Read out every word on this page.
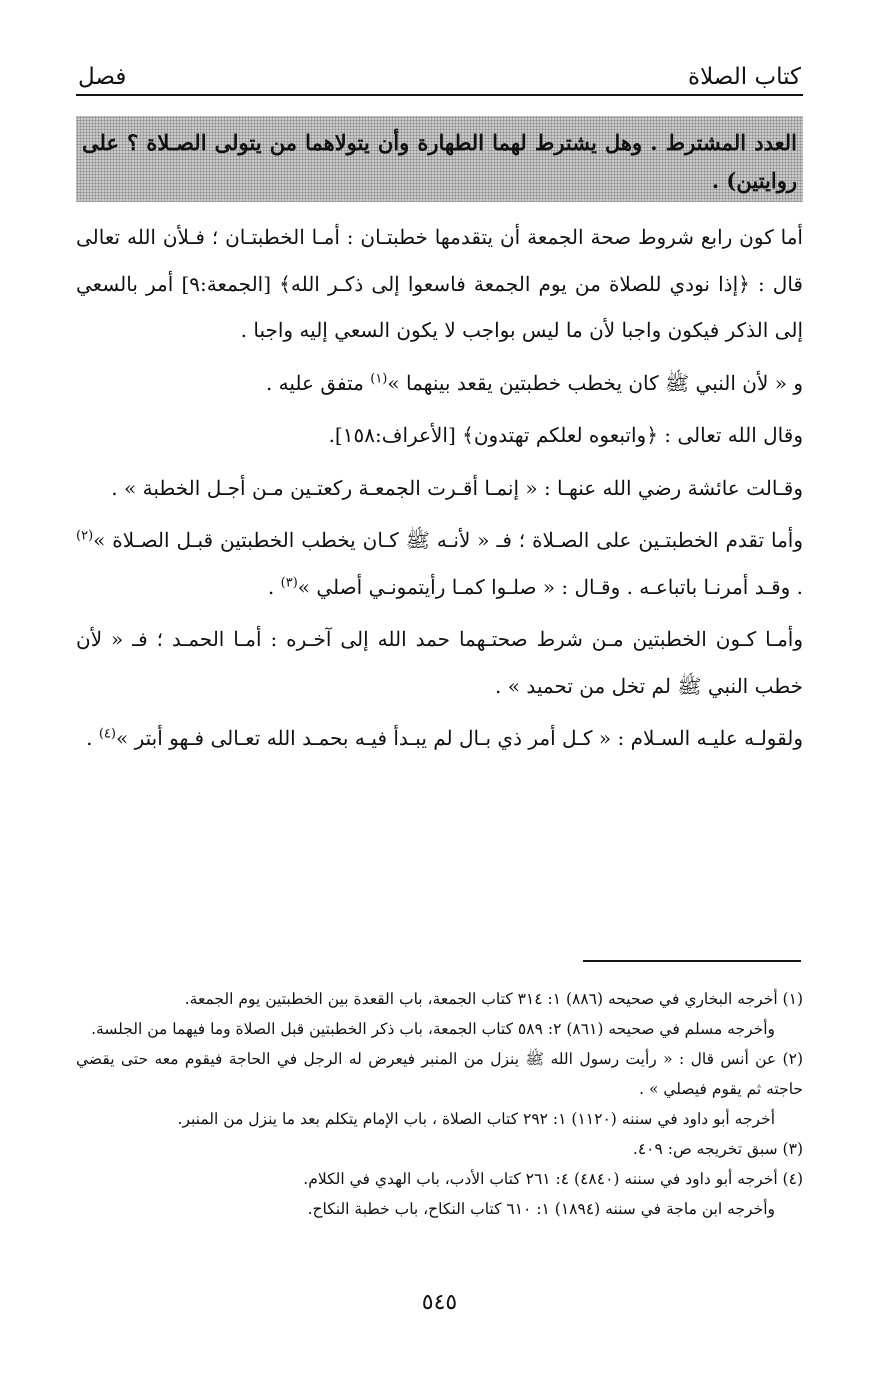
كتاب الصلاة
فصل
العدد المشترط . وهل يشترط لهما الطهارة وأن يتولاهما من يتولى الصـلاة ؟ على روايتين) .

أما كون رابع شروط صحة الجمعة أن يتقدمها خطبتـان : أمـا الخطبتـان ؛ فـلأن الله تعالى قال : ﴿إذا نودي للصلاة من يوم الجمعة فاسعوا إلى ذكـر الله﴾ [الجمعة:٩] أمر بالسعي إلى الذكر فيكون واجبا لأن ما ليس بواجب لا يكون السعي إليه واجبا .

و « لأن النبي ﷺ كان يخطب خطبتين يقعد بينهما »$^{(١)}$ متفق عليه .

وقال الله تعالى : ﴿واتبعوه لعلكم تهتدون﴾ [الأعراف:١٥٨].

وقـالت عائشة رضي الله عنهـا : « إنمـا أقـرت الجمعـة ركعتـين مـن أجـل الخطبة » .

وأما تقدم الخطبتـين على الصـلاة ؛ فـ « لأنـه ﷺ كـان يخطب الخطبتين قبـل الصـلاة »$^{(٢)}$ . وقـد أمرنـا باتباعـه . وقـال : « صلـوا كمـا رأيتمونـي أصلي »$^{(٣)}$ .

وأمـا كـون الخطبتين مـن شرط صحتـهما حمد الله إلى آخـره : أمـا الحمـد ؛ فـ « لأن خطب النبي ﷺ لم تخل من تحميد » .

ولقولـه عليـه السـلام : « كـل أمر ذي بـال لم يبـدأ فيـه بحمـد الله تعـالى فـهو أبتر »$^{(٤)}$ .

(١) أخرجه البخاري في صحيحه (٨٨٦) ١: ٣١٤ كتاب الجمعة، باب القعدة بين الخطبتين يوم الجمعة.

وأخرجه مسلم في صحيحه (٨٦١) ٢: ٥٨٩ كتاب الجمعة، باب ذكر الخطبتين قبل الصلاة وما فيهما من الجلسة.

(٢) عن أنس قال : « رأيت رسول الله ﷺ ينزل من المنبر فيعرض له الرجل في الحاجة فيقوم معه حتى يقضي حاجته ثم يقوم فيصلي » .

أخرجه أبو داود في سننه (١١٢٠) ١: ٢٩٢ كتاب الصلاة ، باب الإمام يتكلم بعد ما ينزل من المنبر.

(٣) سبق تخريجه ص: ٤٠٩.

(٤) أخرجه أبو داود في سننه (٤٨٤٠) ٤: ٢٦١ كتاب الأدب، باب الهدي في الكلام.

وأخرجه ابن ماجة في سننه (١٨٩٤) ١: ٦١٠ كتاب النكاح، باب خطبة النكاح.

٥٤٥
